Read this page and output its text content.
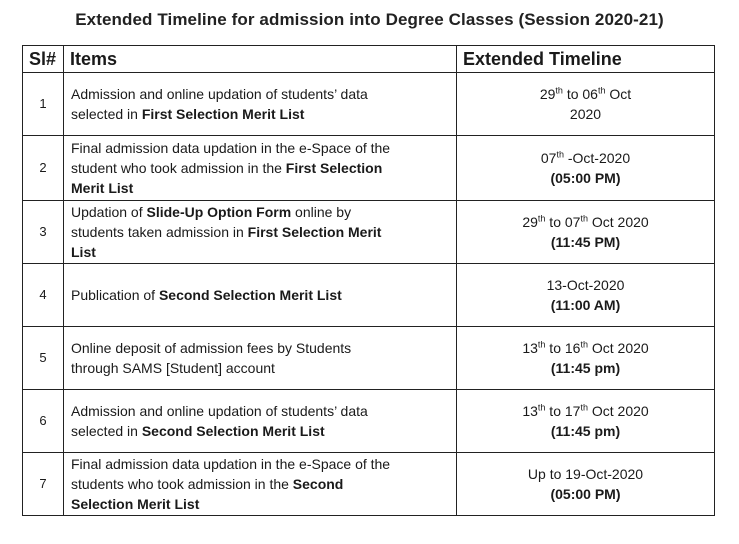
Extended Timeline for admission into Degree Classes (Session 2020-21)
Sl#	Items	Extended Timeline
1	Admission and online updation of students’ data
selected in First Selection Merit List	29th to 06th Oct
2020
2	Final admission data updation in the e-Space of the
student who took admission in the First Selection
Merit List	07th -Oct-2020
(05:00 PM)
3	Updation of Slide-Up Option Form online by
students taken admission in First Selection Merit
List	29th to 07th Oct 2020
(11:45 PM)
4	Publication of Second Selection Merit List	13-Oct-2020
(11:00 AM)
5	Online deposit of admission fees by Students
through SAMS [Student] account	13th to 16th Oct 2020
(11:45 pm)
6	Admission and online updation of students’ data
selected in Second Selection Merit List	13th to 17th Oct 2020
(11:45 pm)
7	Final admission data updation in the e-Space of the
students who took admission in the Second
Selection Merit List	Up to 19-Oct-2020
(05:00 PM)
